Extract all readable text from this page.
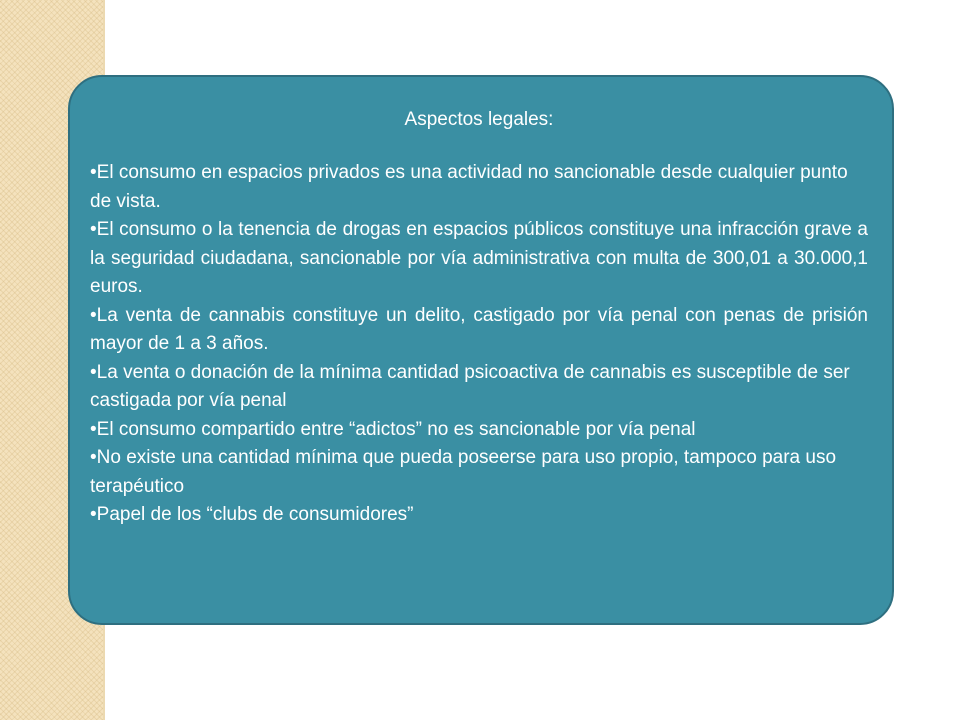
Aspectos legales:
•El consumo en espacios privados es una actividad no sancionable desde cualquier punto de vista.
•El consumo o la tenencia de drogas en espacios públicos constituye una infracción grave a la seguridad ciudadana, sancionable por vía administrativa con multa de 300,01 a 30.000,1 euros.
•La venta de cannabis constituye un delito, castigado por vía penal con penas de prisión mayor de 1 a 3 años.
•La venta o donación de la mínima cantidad psicoactiva de cannabis es susceptible de ser castigada por vía penal
•El consumo compartido entre “adictos” no es sancionable por vía penal
•No existe una cantidad mínima que pueda poseerse para uso propio, tampoco para uso terapéutico
•Papel de los “clubs de consumidores”
